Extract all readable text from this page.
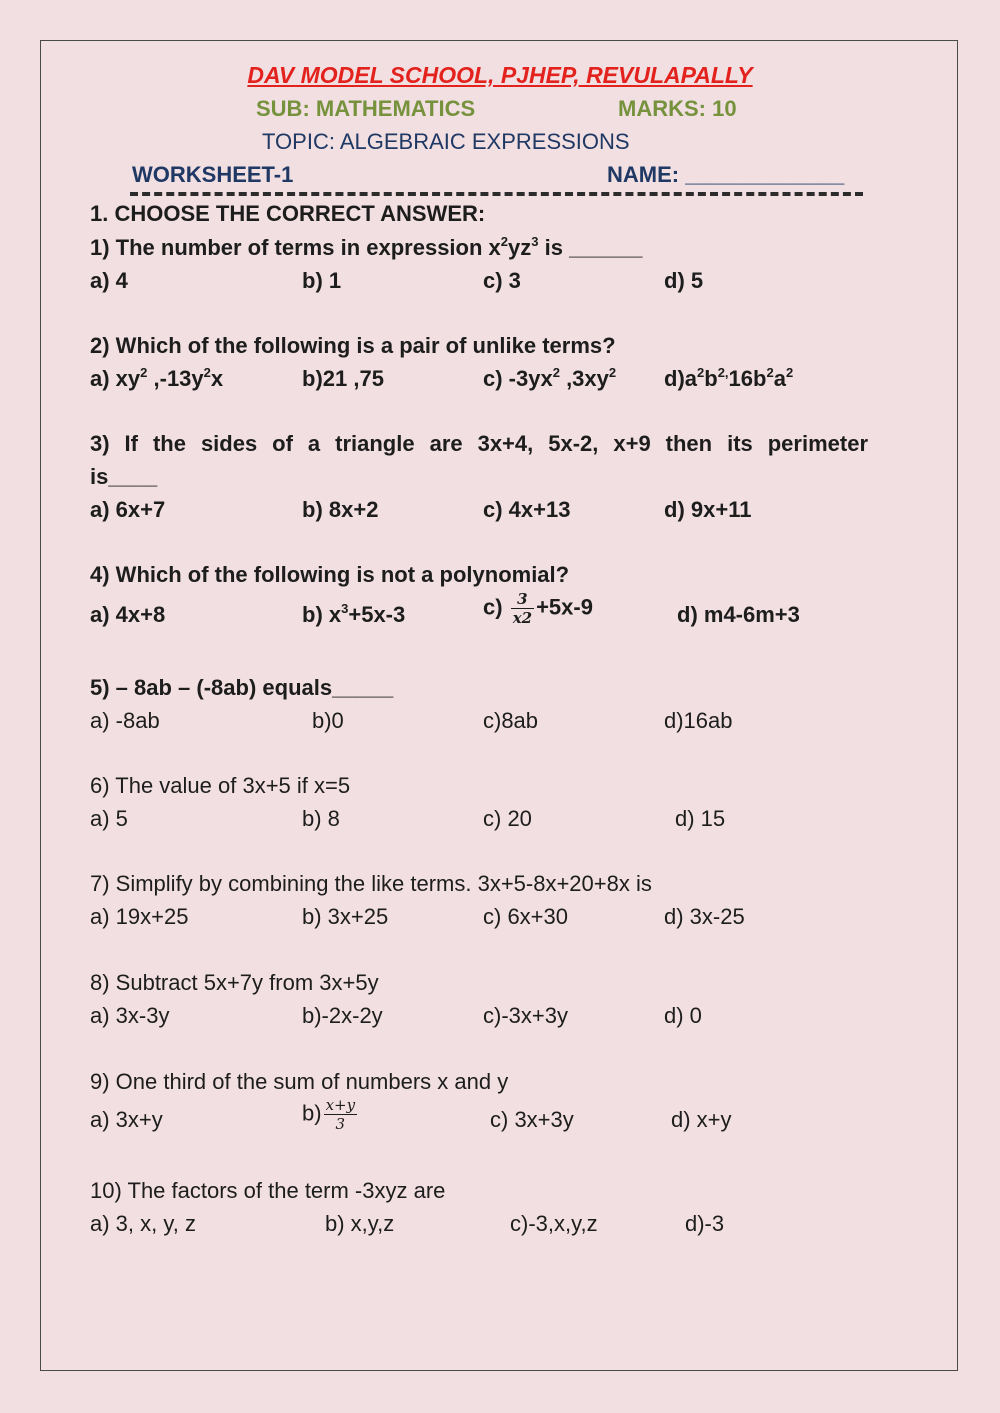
DAV MODEL SCHOOL, PJHEP, REVULAPALLY
SUB: MATHEMATICS	MARKS: 10
TOPIC: ALGEBRAIC EXPRESSIONS
WORKSHEET-1	NAME: _____________
1. CHOOSE THE CORRECT ANSWER:
1) The number of terms in expression $x^2yz^3$ is ______
a) 4	b) 1	c) 3	d) 5
2) Which of the following is a pair of unlike terms?
a) $xy^2$ $,-13y^2x$	b)21 ,75	c) $-3yx^2$ $,3xy^2$ $d)a^2b^{2,}16b^2a^2$
3) If the sides of a triangle are 3x+4, 5x-2, x+9 then its perimeter
is____
a) 6x+7	b) 8x+2	c) 4x+13	d) 9x+11
4) Which of the following is not a polynomial?
a) 4x+8	b) $x^3+5x-3$	$c) \frac{3}{x2} +5x-9$	d) m4-6m+3
5) – 8ab – (-8ab) equals_____
a) -8ab	b)0	c)8ab	d)16ab
6) The value of 3x+5 if x=5
a) 5	b) 8	c) 20	d) 15
7) Simplify by combining the like terms. 3x+5-8x+20+8x is
a) 19x+25	b) 3x+25	c) 6x+30	d) 3x-25
8) Subtract 5x+7y from 3x+5y
a) 3x-3y	b)-2x-2y	c)-3x+3y	d) 0
9) One third of the sum of numbers x and y
a) 3x+y	$b) \frac{x+y}{3}$	c) 3x+3y	d) x+y
10) The factors of the term -3xyz are
a) 3, x, y, z	b) x,y,z	c)-3,x,y,z	d)-3
